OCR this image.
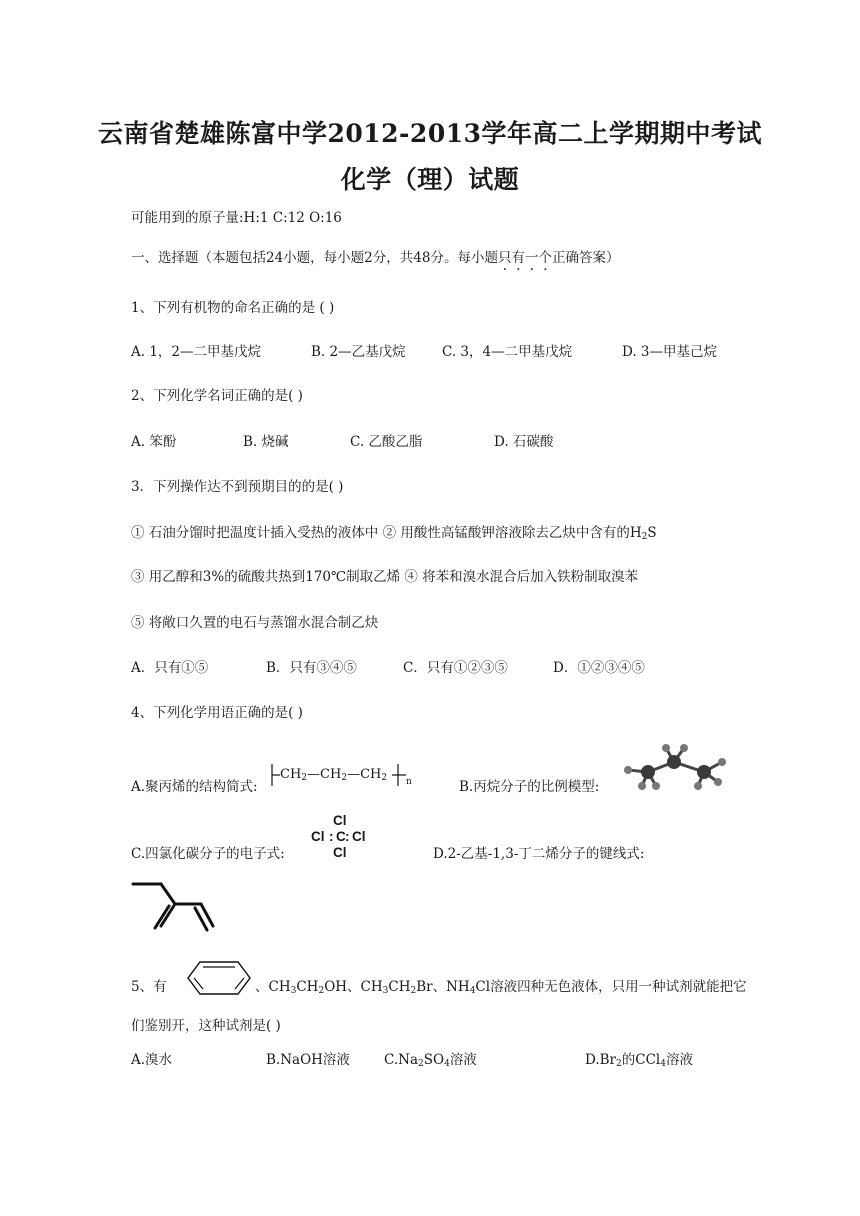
云南省楚雄陈富中学2012-2013学年高二上学期期中考试
化学（理）试题
可能用到的原子量:H:1 C:12 O:16
一、选择题（本题包括24小题，每小题2分，共48分。每小题只有一个正确答案）
1、下列有机物的命名正确的是 ( )
A. 1，2—二甲基戊烷	B. 2—乙基戊烷	C. 3，4—二甲基戊烷	D. 3—甲基己烷
2、下列化学名词正确的是( )
A. 笨酚	B. 烧碱	C. 乙酸乙脂	D. 石碳酸
3．下列操作达不到预期目的的是( )
① 石油分馏时把温度计插入受热的液体中 ② 用酸性高锰酸钾溶液除去乙炔中含有的$H_2S$
③ 用乙醇和3%的硫酸共热到170℃制取乙烯 ④ 将苯和溴水混合后加入铁粉制取溴苯
⑤ 将敞口久置的电石与蒸馏水混合制乙炔
A．只有①⑤	B．只有③④⑤	C．只有①②③⑤	D．①②③④⑤
4、下列化学用语正确的是( )
A.聚丙烯的结构简式:
$CH_2—CH_2—CH_2$ n	B.丙烷分子的比例模型:
C.四氯化碳分子的电子式:
Cl
Cl : C : Cl
Cl	D.2-乙基-1,3-丁二烯分子的键线式:
5、有	、$CH_3CH_2OH$、$CH_3CH_2Br$、$NH_4Cl$溶液四种无色液体，只用一种试剂就能把它
们鉴别开，这种试剂是( )
A.溴水	B.NaOH溶液	$C.Na_2SO_4$溶液	$D.Br_2$的CCl$_4$溶液
